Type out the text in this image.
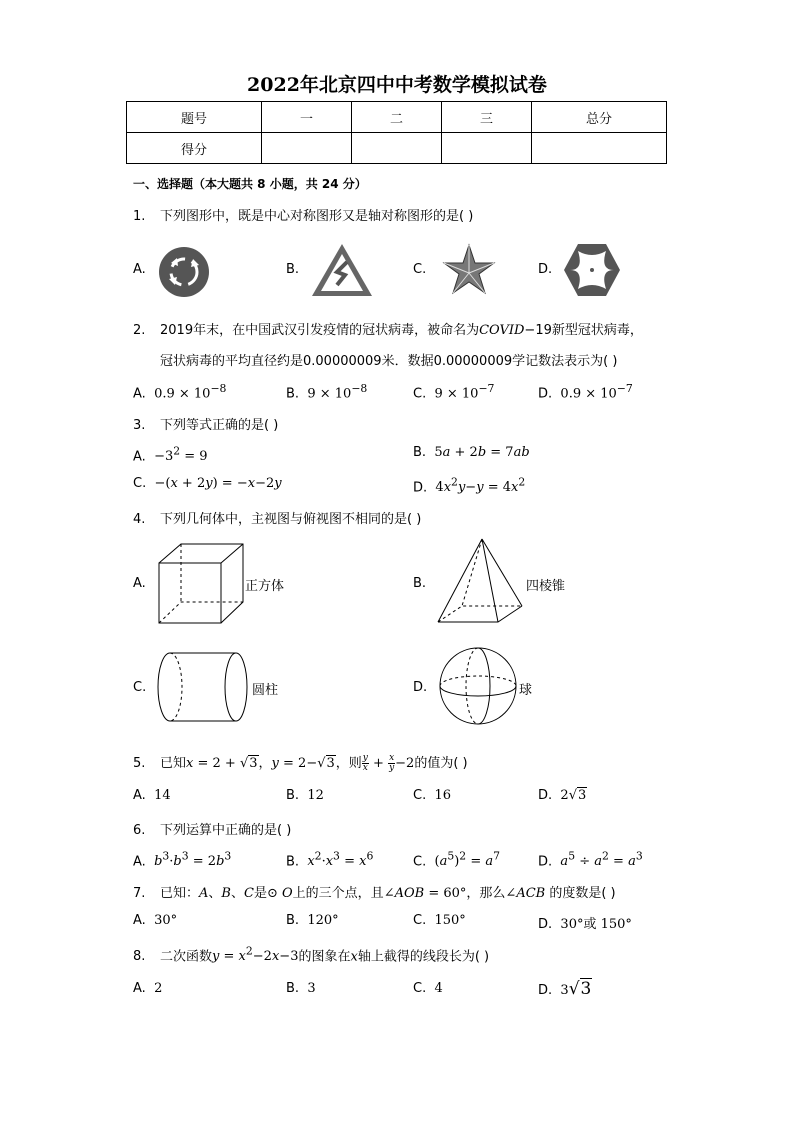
2022年北京四中中考数学模拟试卷
题号	一	二	三	总分
得分				
一、选择题（本大题共 8 小题，共 24 分）
1. 下列图形中，既是中心对称图形又是轴对称图形的是( )
A.	B.	C.	D.
2. 2019年末，在中国武汉引发疫情的冠状病毒，被命名为COVID−19新型冠状病毒，
冠状病毒的平均直径约是0.00000009米．数据0.00000009学记数法表示为( )
A. $0.9 \times 10^{-8}$	B. $9 \times 10^{-8}$	C. $9 \times 10^{-7}$	D. $0.9 \times 10^{-7}$
3. 下列等式正确的是( )
A. $-3^2 = 9$	B. 5a + 2b = 7ab
C. −(x + 2y) = −x−2y	D. $4x^2y-y = 4x^2$
4. 下列几何体中，主视图与俯视图不相同的是( )
A.	B.
C.	D.
正方体	四棱锥
圆柱	球
5. 已知x = 2 + √3，y = 2−√3，则 $\frac{y}{x} + \frac{x}{y} -2$的值为( )
A. 14	B. 12	C. 16	D. 2√3
6. 下列运算中正确的是( )
A. $b^3\cdot b^3 = 2b^3$	B. $x^2\cdot x^3 = x^6$	C. $(a^5)^2 = a^7$	D. $a^5 \div a^2 = a^3$
7. 已知：A、B、C是⊙ O上的三个点，且∠AOB = 60°，那么∠ACB 的度数是( )
A. 30°	B. 120°	C. 150°	D. 30°或 150°
8. 二次函数$y = x^2-2x-3$的图象在x轴上截得的线段长为( )
A. 2	B. 3	C. 4	D. 3√3
